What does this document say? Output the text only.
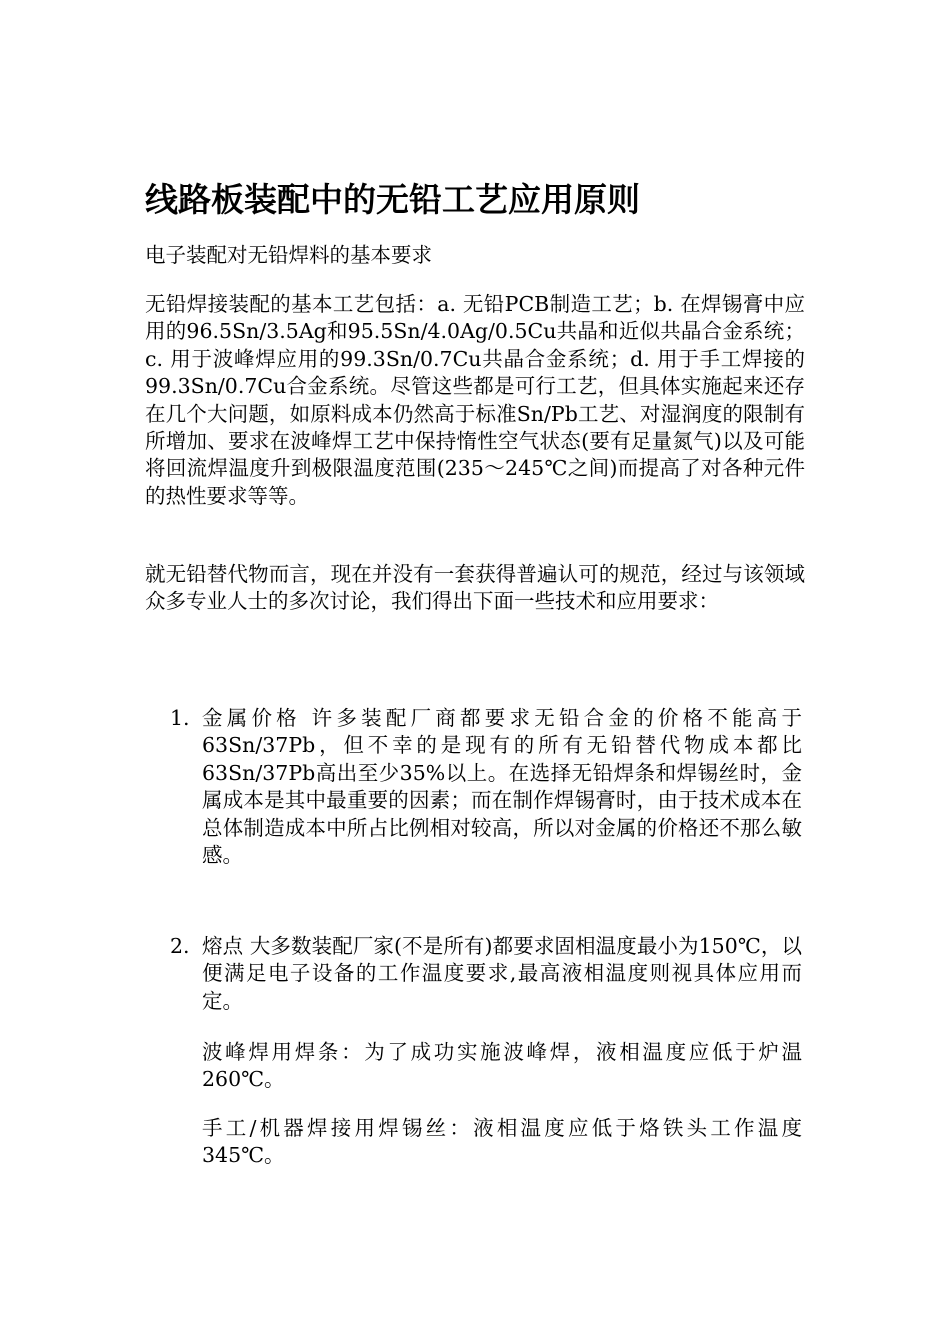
线路板装配中的无铅工艺应用原则

电子装配对无铅焊料的基本要求

无铅焊接装配的基本工艺包括：a. 无铅PCB制造工艺；b. 在焊锡膏中应用的96.5Sn/3.5Ag和95.5Sn/4.0Ag/0.5Cu共晶和近似共晶合金系统；c. 用于波峰焊应用的99.3Sn/0.7Cu共晶合金系统；d. 用于手工焊接的99.3Sn/0.7Cu合金系统。尽管这些都是可行工艺，但具体实施起来还存在几个大问题，如原料成本仍然高于标准Sn/Pb工艺、对湿润度的限制有所增加、要求在波峰焊工艺中保持惰性空气状态(要有足量氮气)以及可能将回流焊温度升到极限温度范围(235～245℃之间)而提高了对各种元件的热性要求等等。

就无铅替代物而言，现在并没有一套获得普遍认可的规范，经过与该领域众多专业人士的多次讨论，我们得出下面一些技术和应用要求：

1. 金属价格 许多装配厂商都要求无铅合金的价格不能高于63Sn/37Pb，但不幸的是现有的所有无铅替代物成本都比63Sn/37Pb高出至少35%以上。在选择无铅焊条和焊锡丝时，金属成本是其中最重要的因素；而在制作焊锡膏时，由于技术成本在总体制造成本中所占比例相对较高，所以对金属的价格还不那么敏感。

2. 熔点 大多数装配厂家(不是所有)都要求固相温度最小为150℃，以便满足电子设备的工作温度要求,最高液相温度则视具体应用而定。

波峰焊用焊条：为了成功实施波峰焊，液相温度应低于炉温260℃。

手工/机器焊接用焊锡丝：液相温度应低于烙铁头工作温度345℃。
